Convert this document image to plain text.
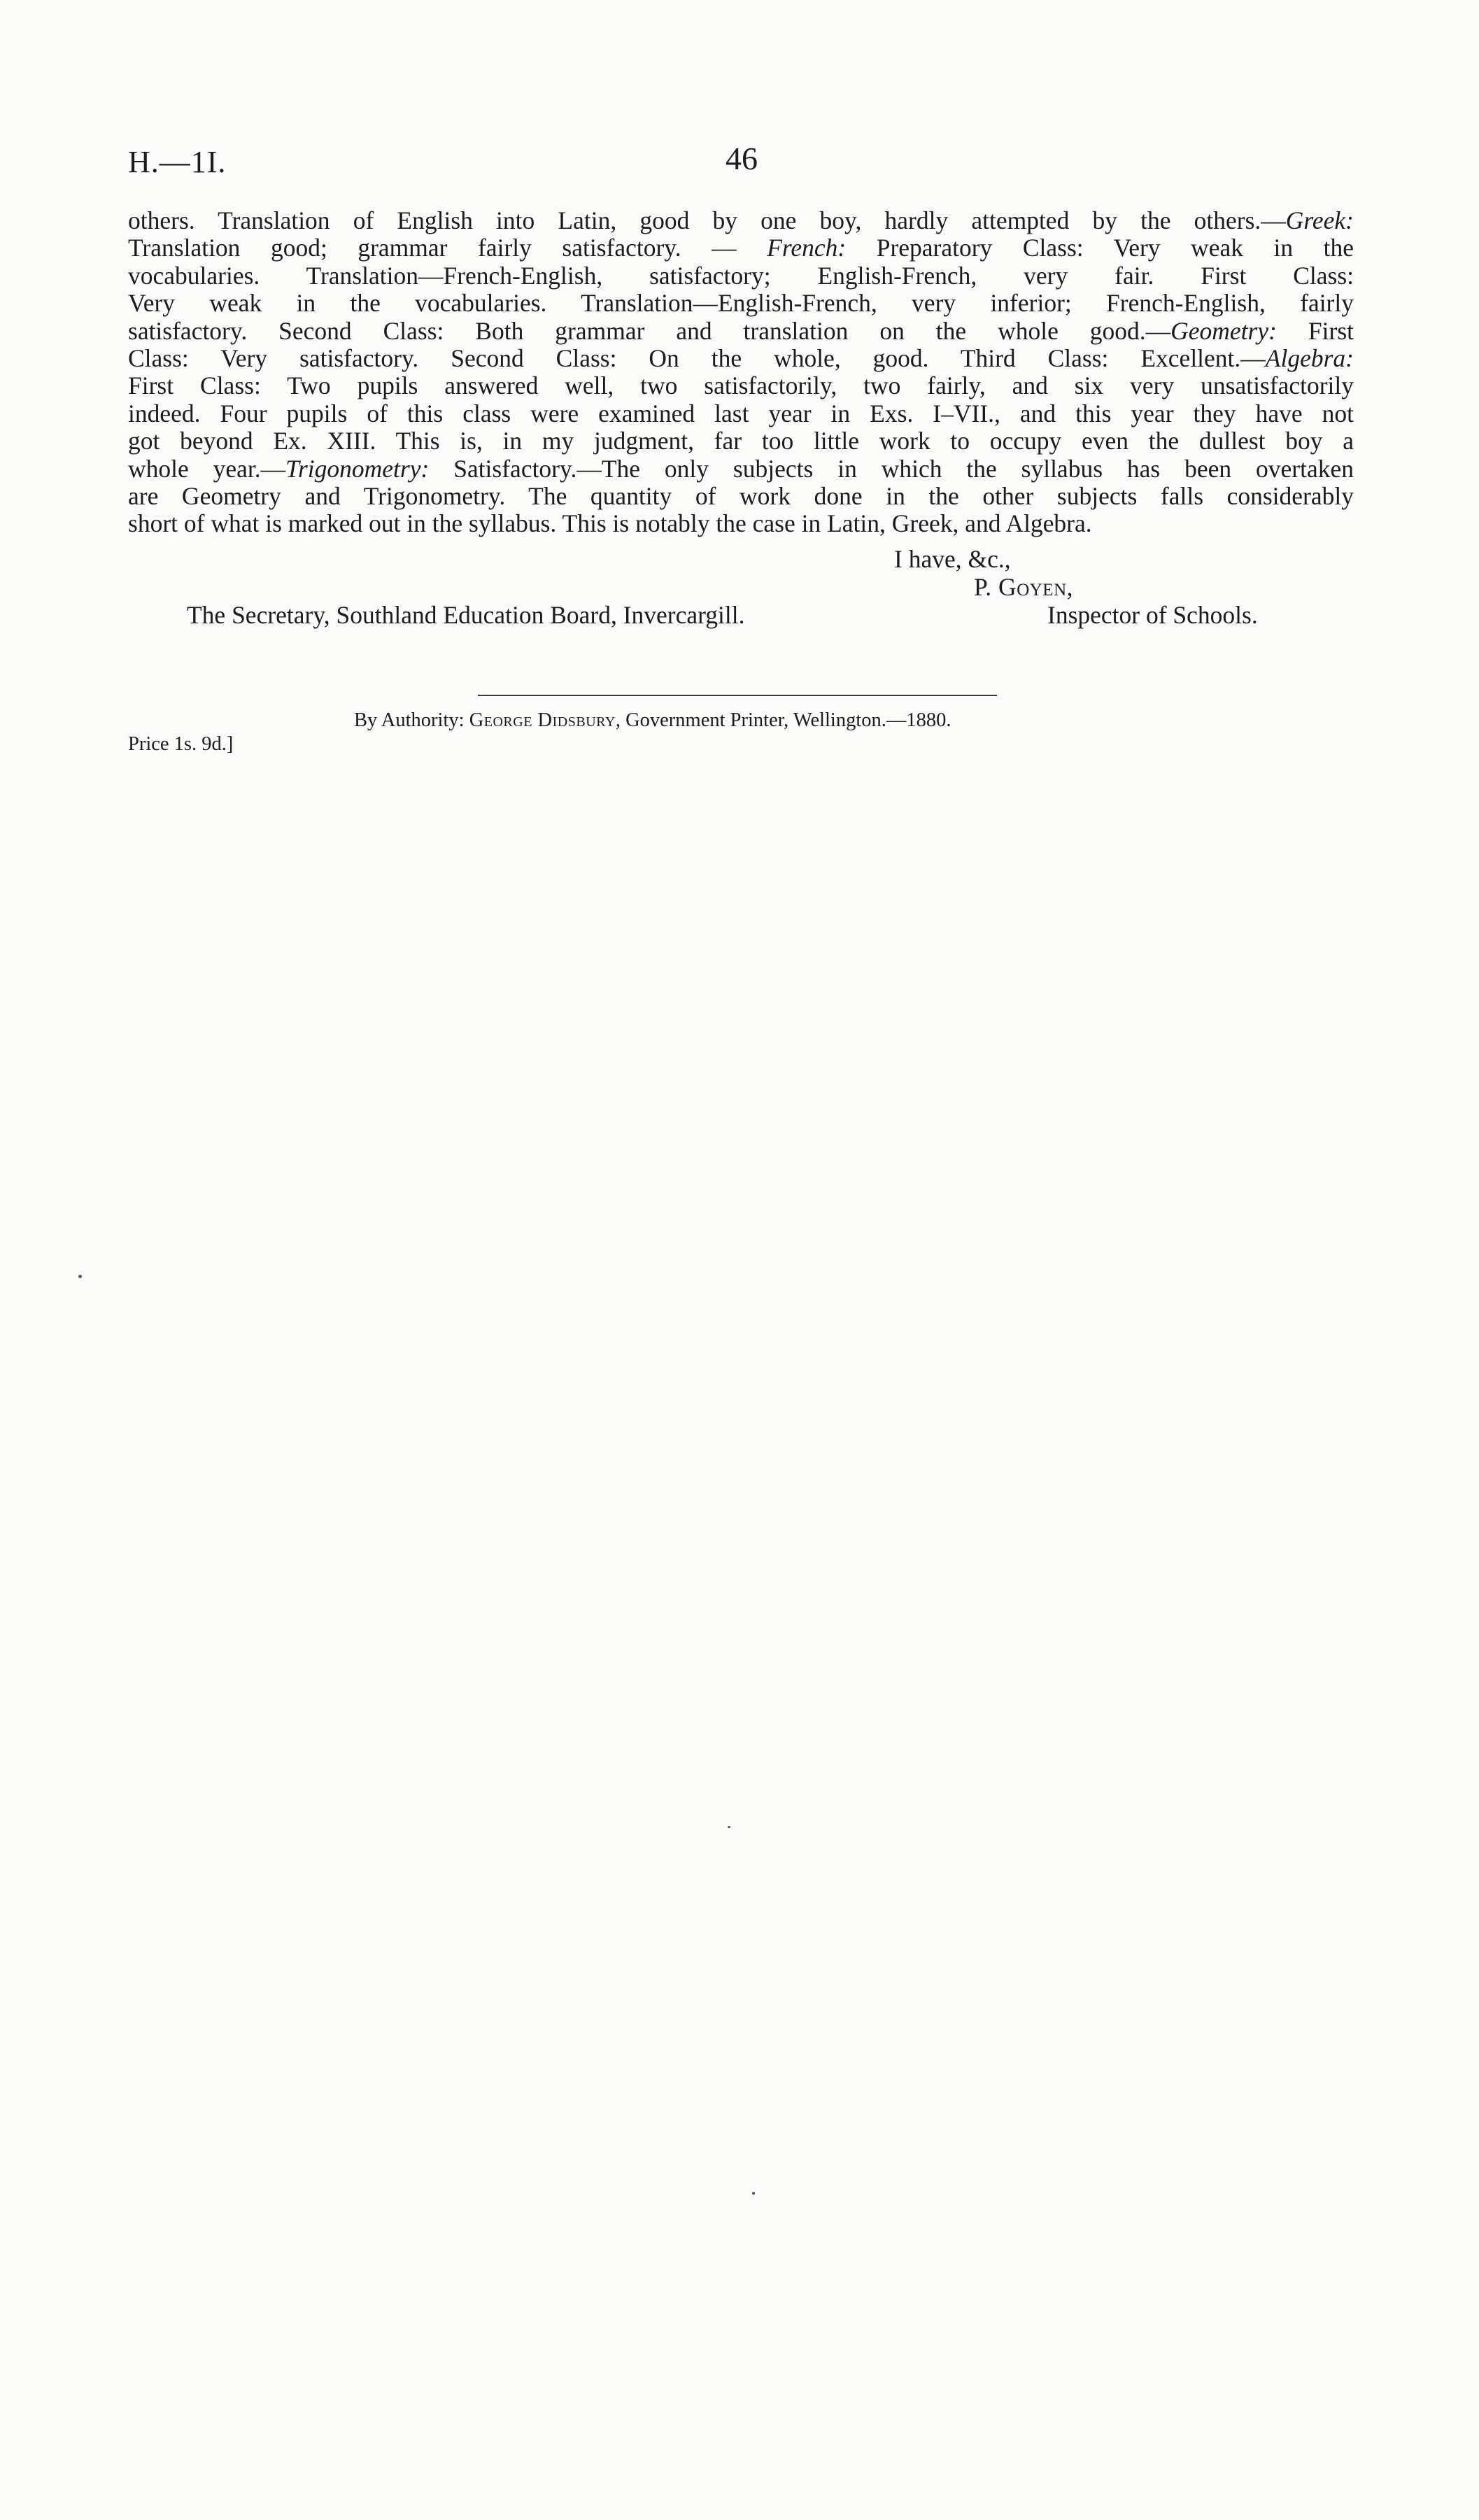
H.—1I.	46
others. Translation of English into Latin, good by one boy, hardly attempted by the others.—Greek:
Translation good; grammar fairly satisfactory. — French: Preparatory Class: Very weak in the
vocabularies. Translation—French-English, satisfactory; English-French, very fair. First Class:
Very weak in the vocabularies. Translation—English-French, very inferior; French-English, fairly
satisfactory. Second Class: Both grammar and translation on the whole good.—Geometry: First
Class: Very satisfactory. Second Class: On the whole, good. Third Class: Excellent.—Algebra:
First Class: Two pupils answered well, two satisfactorily, two fairly, and six very unsatisfactorily
indeed. Four pupils of this class were examined last year in Exs. I–VII., and this year they have not
got beyond Ex. XIII. This is, in my judgment, far too little work to occupy even the dullest boy a
whole year.—Trigonometry: Satisfactory.—The only subjects in which the syllabus has been overtaken
are Geometry and Trigonometry. The quantity of work done in the other subjects falls considerably
short of what is marked out in the syllabus. This is notably the case in Latin, Greek, and Algebra.
I have, &c.,
P. Goyen,
The Secretary, Southland Education Board, Invercargill.	Inspector of Schools.
By Authority: George Didsbury, Government Printer, Wellington.—1880.
Price 1s. 9d.]
